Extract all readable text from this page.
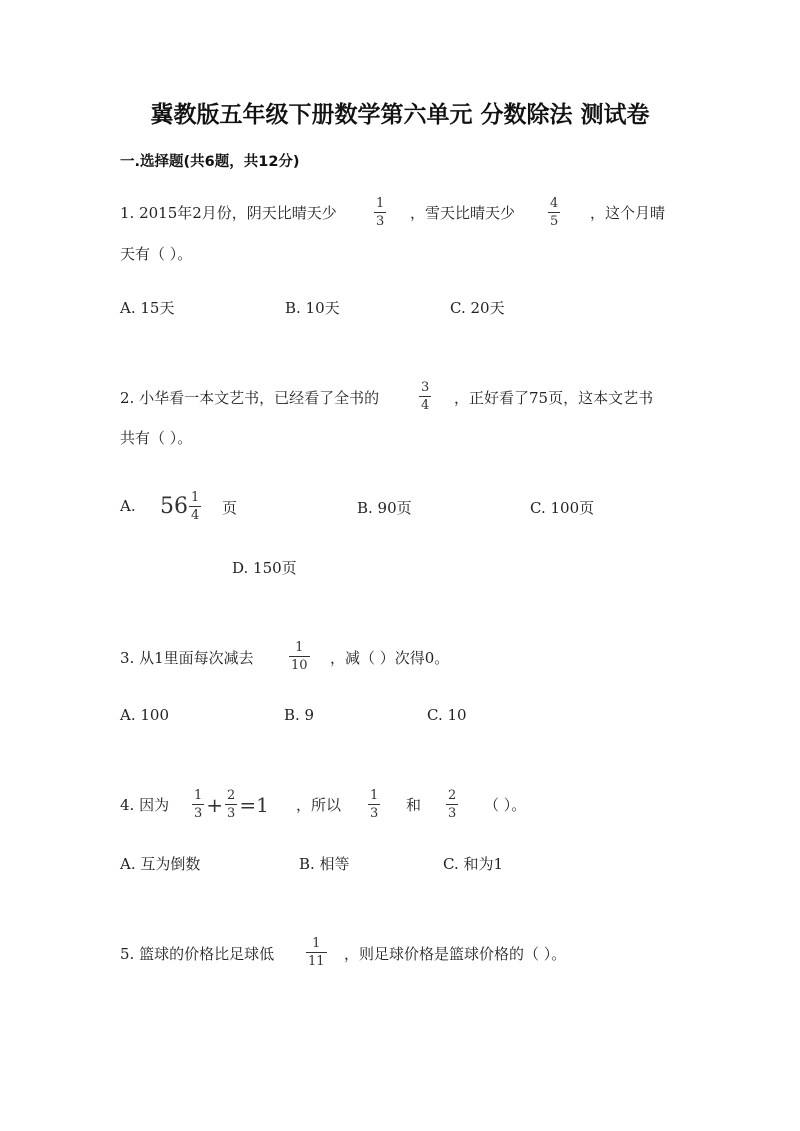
冀教版五年级下册数学第六单元 分数除法 测试卷
一.选择题(共6题，共12分)
1. 2015年2月份，阴天比晴天少
1
3 ，雪天比晴天少
4
5 ，这个月晴
天有（ ）。
A. 15天	B. 10天	C. 20天
2. 小华看一本文艺书，已经看了全书的
3
4 ，正好看了75页，这本文艺书
共有（ ）。
A. $56 \frac{1}{4}$ 页	B. 90页	C. 100页
D. 150页
3. 从1里面每次减去
1
10 ，减（ ）次得0。
A. 100	B. 9	C. 10
4. 因为 $\frac{1}{3} + \frac{2}{3} =1$ ，所以
1
3 和
2
3 （ ）。
A. 互为倒数	B. 相等	C. 和为1
5. 篮球的价格比足球低
1
11 ，则足球价格是篮球价格的（ ）。
